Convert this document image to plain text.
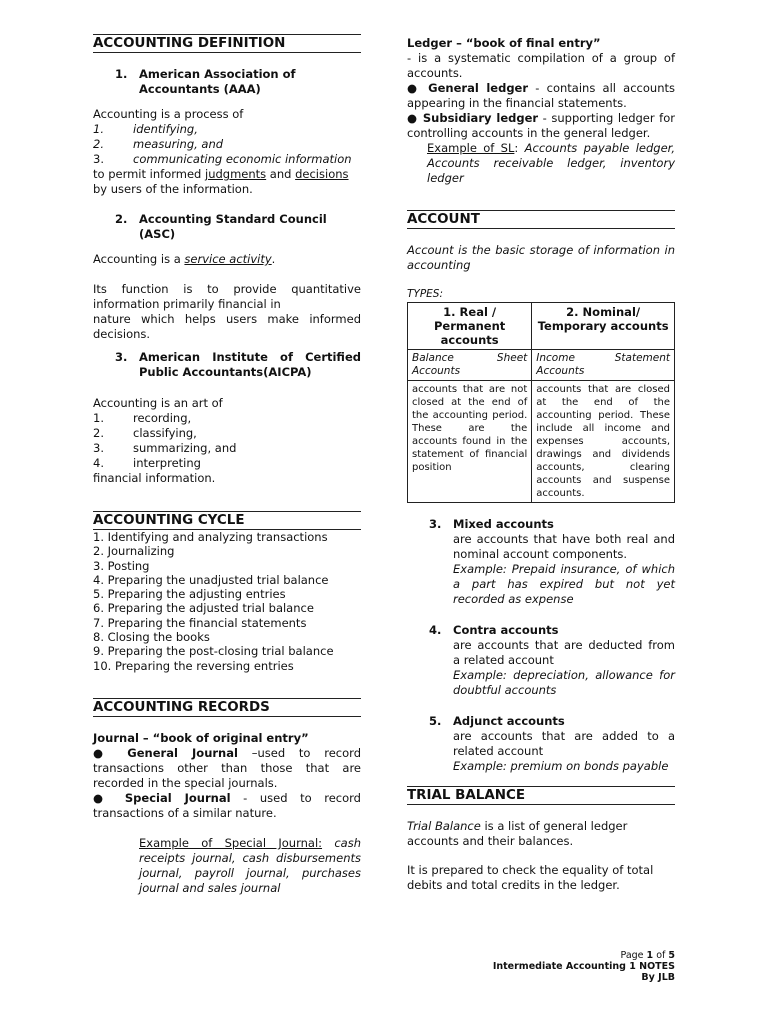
ACCOUNTING DEFINITION
1.	American Association of Accountants (AAA)

Accounting is a process of

1.	identifying,
2.	measuring, and
3.	communicating economic information

to permit informed judgments and decisions

by users of the information.

2.	Accounting Standard Council (ASC)

Accounting is a service activity.

Its function is to provide quantitative information primarily financial in

nature which helps users make informed decisions.

3.	American Institute of Certified Public Accountants(AICPA)

Accounting is an art of

1.	recording,
2.	classifying,
3.	summarizing, and
4.	interpreting

financial information.

ACCOUNTING CYCLE

1. Identifying and analyzing transactions

2. Journalizing

3. Posting

4. Preparing the unadjusted trial balance

5. Preparing the adjusting entries

6. Preparing the adjusted trial balance

7. Preparing the financial statements

8. Closing the books

9. Preparing the post-closing trial balance

10. Preparing the reversing entries

ACCOUNTING RECORDS

Journal – “book of original entry”

● General Journal –used to record transactions other than those that are recorded in the special journals.

● Special Journal - used to record transactions of a similar nature.

Example of Special Journal: cash receipts journal, cash disbursements journal, payroll journal, purchases journal and sales journal

Ledger – “book of final entry”

- is a systematic compilation of a group of accounts.

● General ledger - contains all accounts appearing in the financial statements.

● Subsidiary ledger - supporting ledger for controlling accounts in the general ledger.

Example of SL: Accounts payable ledger, Accounts receivable ledger, inventory ledger

ACCOUNT

Account is the basic storage of information in accounting

TYPES:

1. Real / Permanent accounts	2. Nominal/ Temporary accounts
Balance Sheet Accounts	Income Statement Accounts
accounts that are not closed at the end of the accounting period. These are the accounts found in the statement of financial position	accounts that are closed at the end of the accounting period. These include all income and expenses accounts, drawings and dividends accounts, clearing accounts and suspense accounts.
3.	Mixed accounts

are accounts that have both real and nominal account components.

Example: Prepaid insurance, of which a part has expired but not yet recorded as expense

4.	Contra accounts

are accounts that are deducted from a related account

Example: depreciation, allowance for doubtful accounts

5.	Adjunct accounts

are accounts that are added to a related account

Example: premium on bonds payable

TRIAL BALANCE

Trial Balance is a list of general ledger accounts and their balances.

It is prepared to check the equality of total debits and total credits in the ledger.

Page 1 of 5
Intermediate Accounting 1 NOTES
By JLB
